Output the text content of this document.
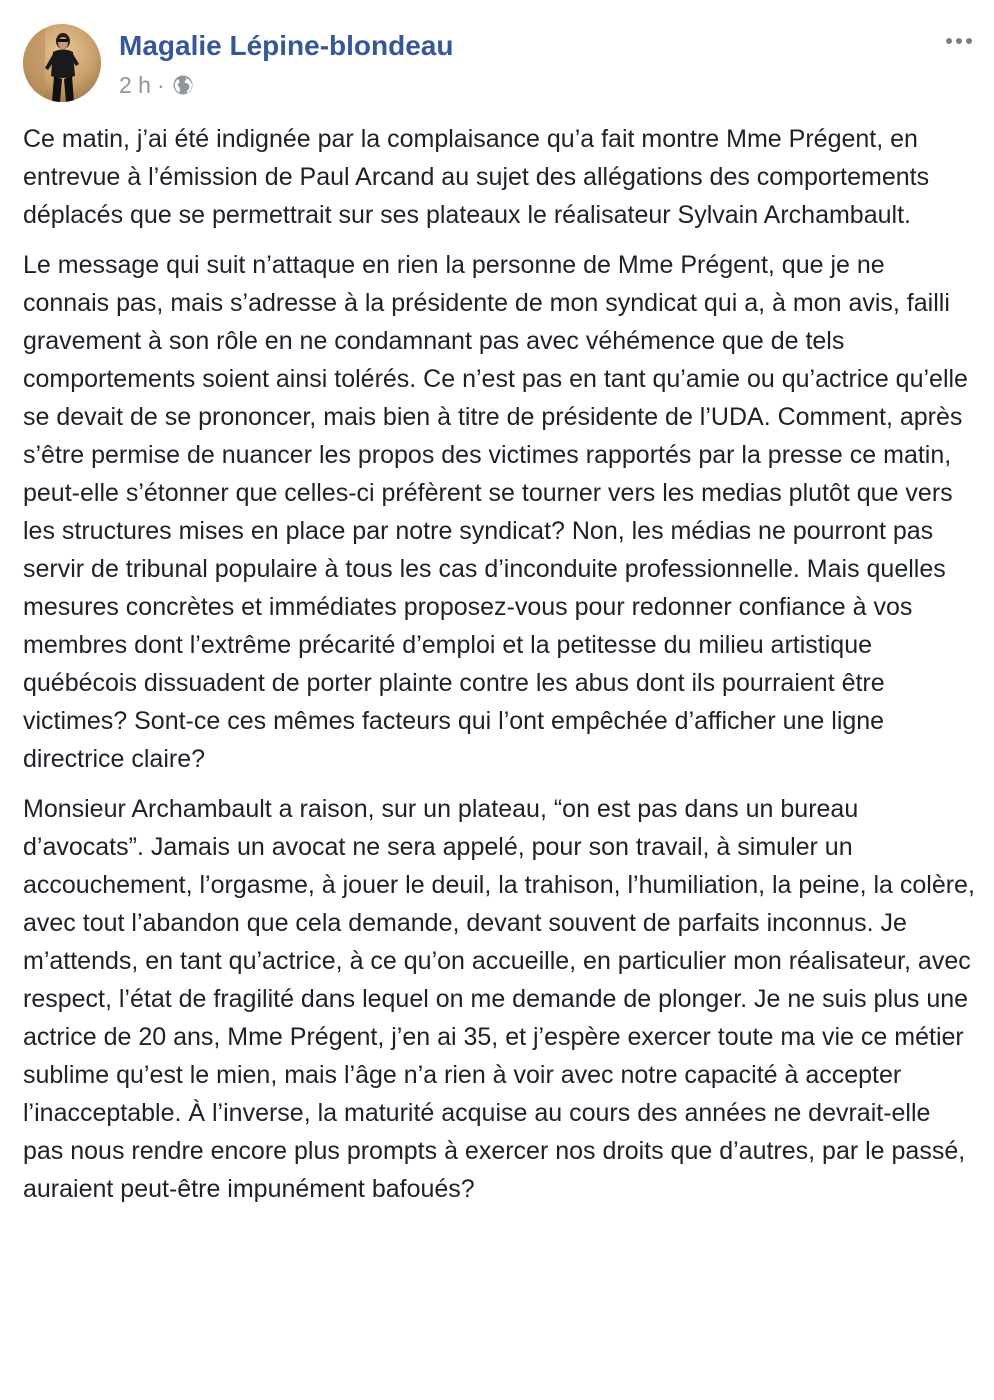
Magalie Lépine-blondeau
2 h ·

Ce matin, j’ai été indignée par la complaisance qu’a fait montre Mme Prégent, en entrevue à l’émission de Paul Arcand au sujet des allégations des comportements déplacés que se permettrait sur ses plateaux le réalisateur Sylvain Archambault.

Le message qui suit n’attaque en rien la personne de Mme Prégent, que je ne connais pas, mais s’adresse à la présidente de mon syndicat qui a, à mon avis, failli gravement à son rôle en ne condamnant pas avec véhémence que de tels comportements soient ainsi tolérés. Ce n’est pas en tant qu’amie ou qu’actrice qu’elle se devait de se prononcer, mais bien à titre de présidente de l’UDA. Comment, après s’être permise de nuancer les propos des victimes rapportés par la presse ce matin, peut-elle s’étonner que celles-ci préfèrent se tourner vers les medias plutôt que vers les structures mises en place par notre syndicat? Non, les médias ne pourront pas servir de tribunal populaire à tous les cas d’inconduite professionnelle. Mais quelles mesures concrètes et immédiates proposez-vous pour redonner confiance à vos membres dont l’extrême précarité d’emploi et la petitesse du milieu artistique québécois dissuadent de porter plainte contre les abus dont ils pourraient être victimes? Sont-ce ces mêmes facteurs qui l’ont empêchée d’afficher une ligne directrice claire?

Monsieur Archambault a raison, sur un plateau, “on est pas dans un bureau d’avocats”. Jamais un avocat ne sera appelé, pour son travail, à simuler un accouchement, l’orgasme, à jouer le deuil, la trahison, l’humiliation, la peine, la colère, avec tout l’abandon que cela demande, devant souvent de parfaits inconnus. Je m’attends, en tant qu’actrice, à ce qu’on accueille, en particulier mon réalisateur, avec respect, l’état de fragilité dans lequel on me demande de plonger. Je ne suis plus une actrice de 20 ans, Mme Prégent, j’en ai 35, et j’espère exercer toute ma vie ce métier sublime qu’est le mien, mais l’âge n’a rien à voir avec notre capacité à accepter l’inacceptable. À l’inverse, la maturité acquise au cours des années ne devrait-elle pas nous rendre encore plus prompts à exercer nos droits que d’autres, par le passé, auraient peut-être impunément bafoués?
